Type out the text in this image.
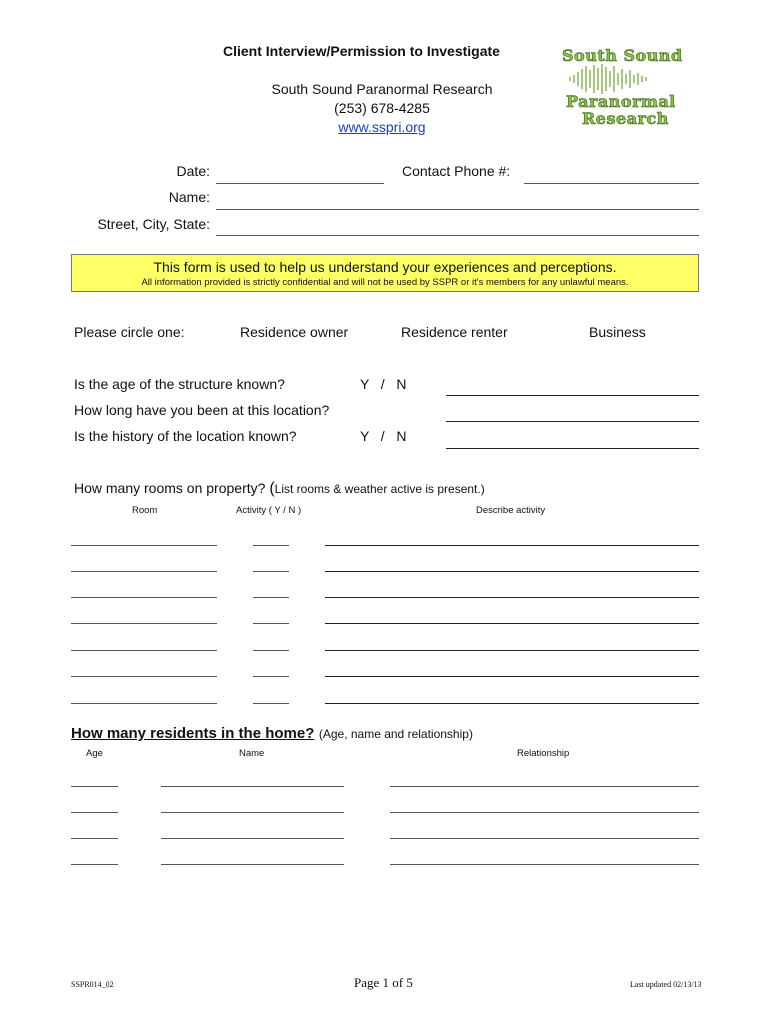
Client Interview/Permission to Investigate
South Sound Paranormal Research
(253) 678-4285
www.sspri.org
South Sound
Paranormal
Research
Date:	Contact Phone #:
Name:
Street, City, State:
This form is used to help us understand your experiences and perceptions.
All information provided is strictly confidential and will not be used by SSPR or it's members for any unlawful means.
Please circle one:	Residence owner	Residence renter	Business
Is the age of the structure known?	Y   /   N
How long have you been at this location?
Is the history of the location known?	Y   /   N
How many rooms on property? (List rooms & weather active is present.)
Room	Activity ( Y / N )	Describe activity
How many residents in the home? (Age, name and relationship)
Age	Name	Relationship
SSPR014_02	Page 1 of 5	Last updated 02/13/13
